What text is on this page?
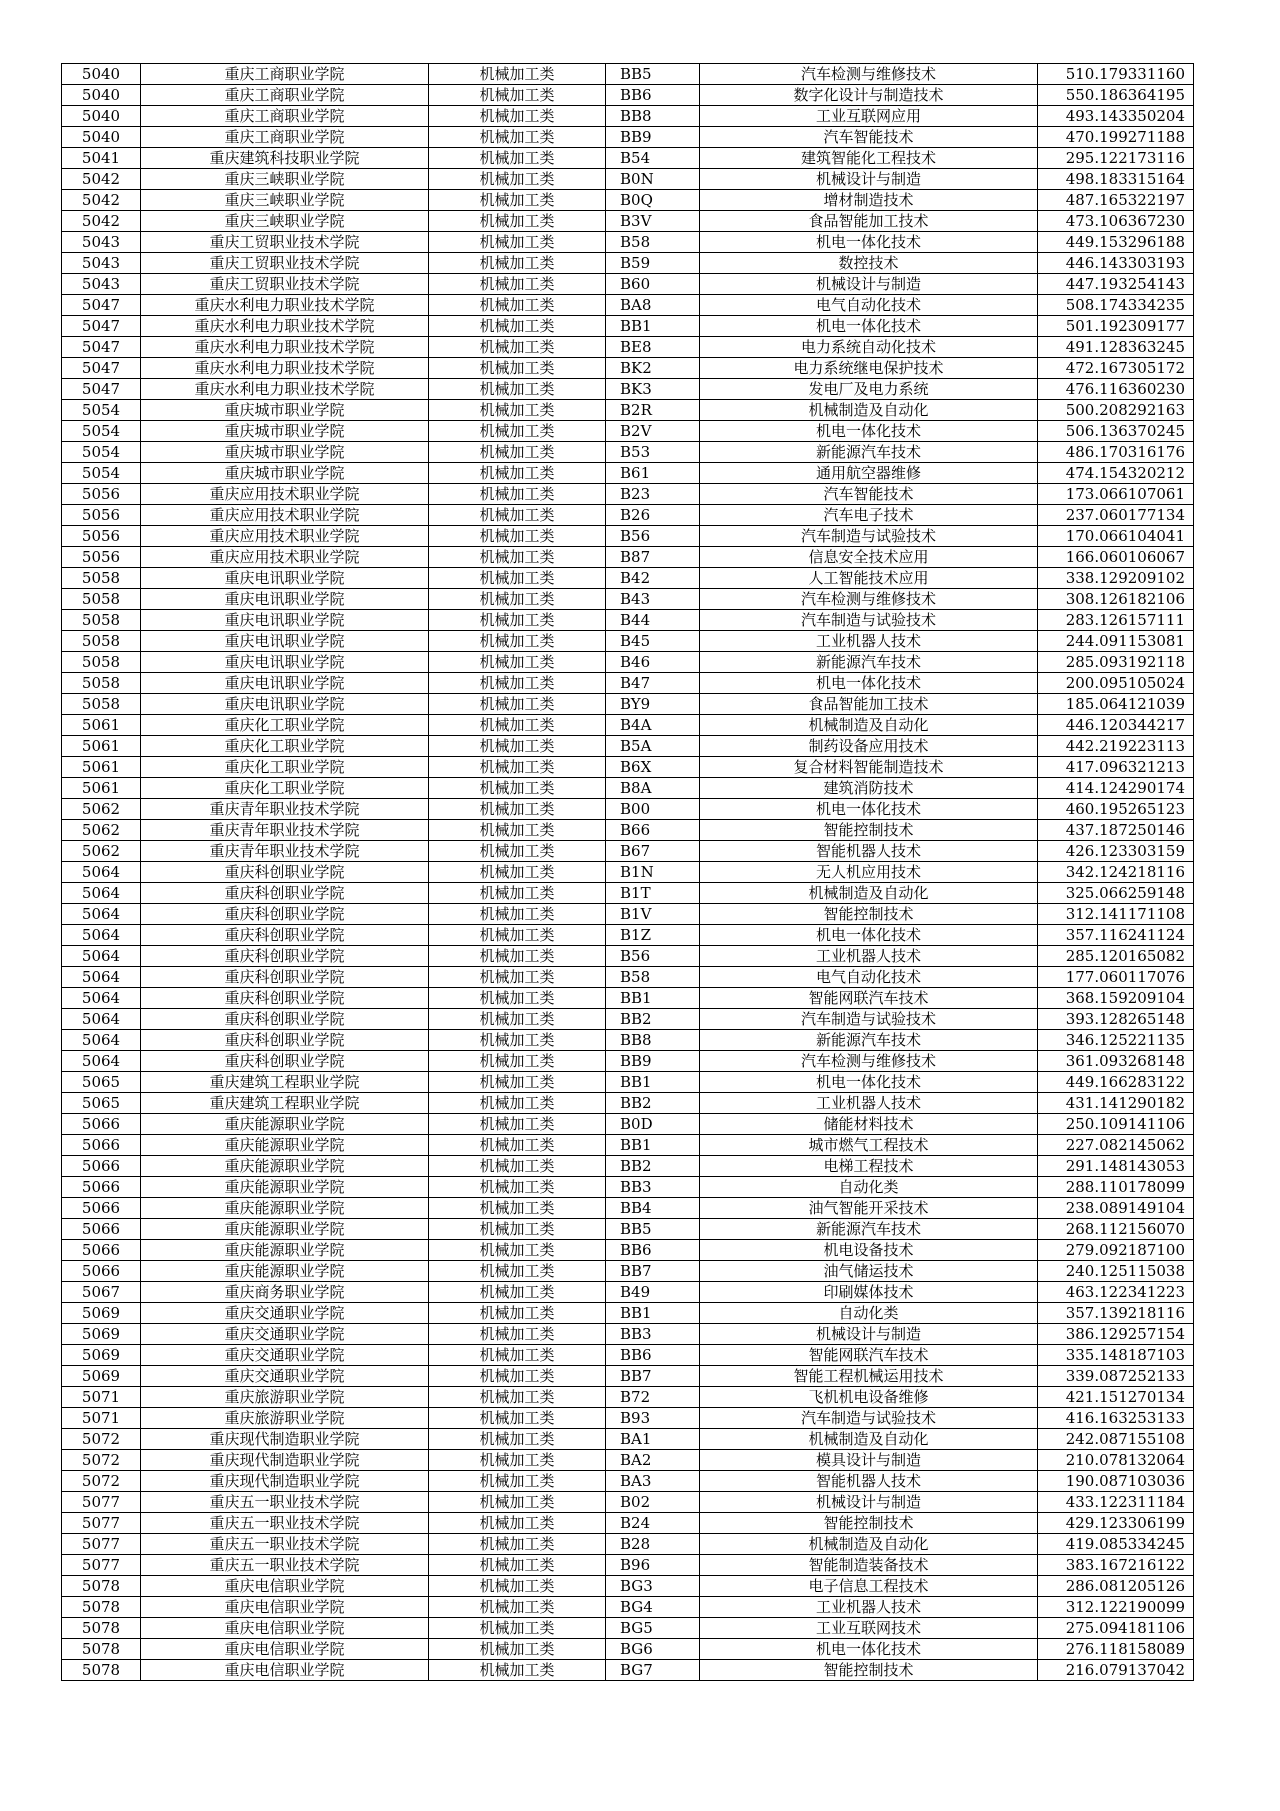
5040	重庆工商职业学院	机械加工类	BB5	汽车检测与维修技术	510.179331160
5040	重庆工商职业学院	机械加工类	BB6	数字化设计与制造技术	550.186364195
5040	重庆工商职业学院	机械加工类	BB8	工业互联网应用	493.143350204
5040	重庆工商职业学院	机械加工类	BB9	汽车智能技术	470.199271188
5041	重庆建筑科技职业学院	机械加工类	B54	建筑智能化工程技术	295.122173116
5042	重庆三峡职业学院	机械加工类	B0N	机械设计与制造	498.183315164
5042	重庆三峡职业学院	机械加工类	B0Q	增材制造技术	487.165322197
5042	重庆三峡职业学院	机械加工类	B3V	食品智能加工技术	473.106367230
5043	重庆工贸职业技术学院	机械加工类	B58	机电一体化技术	449.153296188
5043	重庆工贸职业技术学院	机械加工类	B59	数控技术	446.143303193
5043	重庆工贸职业技术学院	机械加工类	B60	机械设计与制造	447.193254143
5047	重庆水利电力职业技术学院	机械加工类	BA8	电气自动化技术	508.174334235
5047	重庆水利电力职业技术学院	机械加工类	BB1	机电一体化技术	501.192309177
5047	重庆水利电力职业技术学院	机械加工类	BE8	电力系统自动化技术	491.128363245
5047	重庆水利电力职业技术学院	机械加工类	BK2	电力系统继电保护技术	472.167305172
5047	重庆水利电力职业技术学院	机械加工类	BK3	发电厂及电力系统	476.116360230
5054	重庆城市职业学院	机械加工类	B2R	机械制造及自动化	500.208292163
5054	重庆城市职业学院	机械加工类	B2V	机电一体化技术	506.136370245
5054	重庆城市职业学院	机械加工类	B53	新能源汽车技术	486.170316176
5054	重庆城市职业学院	机械加工类	B61	通用航空器维修	474.154320212
5056	重庆应用技术职业学院	机械加工类	B23	汽车智能技术	173.066107061
5056	重庆应用技术职业学院	机械加工类	B26	汽车电子技术	237.060177134
5056	重庆应用技术职业学院	机械加工类	B56	汽车制造与试验技术	170.066104041
5056	重庆应用技术职业学院	机械加工类	B87	信息安全技术应用	166.060106067
5058	重庆电讯职业学院	机械加工类	B42	人工智能技术应用	338.129209102
5058	重庆电讯职业学院	机械加工类	B43	汽车检测与维修技术	308.126182106
5058	重庆电讯职业学院	机械加工类	B44	汽车制造与试验技术	283.126157111
5058	重庆电讯职业学院	机械加工类	B45	工业机器人技术	244.091153081
5058	重庆电讯职业学院	机械加工类	B46	新能源汽车技术	285.093192118
5058	重庆电讯职业学院	机械加工类	B47	机电一体化技术	200.095105024
5058	重庆电讯职业学院	机械加工类	BY9	食品智能加工技术	185.064121039
5061	重庆化工职业学院	机械加工类	B4A	机械制造及自动化	446.120344217
5061	重庆化工职业学院	机械加工类	B5A	制药设备应用技术	442.219223113
5061	重庆化工职业学院	机械加工类	B6X	复合材料智能制造技术	417.096321213
5061	重庆化工职业学院	机械加工类	B8A	建筑消防技术	414.124290174
5062	重庆青年职业技术学院	机械加工类	B00	机电一体化技术	460.195265123
5062	重庆青年职业技术学院	机械加工类	B66	智能控制技术	437.187250146
5062	重庆青年职业技术学院	机械加工类	B67	智能机器人技术	426.123303159
5064	重庆科创职业学院	机械加工类	B1N	无人机应用技术	342.124218116
5064	重庆科创职业学院	机械加工类	B1T	机械制造及自动化	325.066259148
5064	重庆科创职业学院	机械加工类	B1V	智能控制技术	312.141171108
5064	重庆科创职业学院	机械加工类	B1Z	机电一体化技术	357.116241124
5064	重庆科创职业学院	机械加工类	B56	工业机器人技术	285.120165082
5064	重庆科创职业学院	机械加工类	B58	电气自动化技术	177.060117076
5064	重庆科创职业学院	机械加工类	BB1	智能网联汽车技术	368.159209104
5064	重庆科创职业学院	机械加工类	BB2	汽车制造与试验技术	393.128265148
5064	重庆科创职业学院	机械加工类	BB8	新能源汽车技术	346.125221135
5064	重庆科创职业学院	机械加工类	BB9	汽车检测与维修技术	361.093268148
5065	重庆建筑工程职业学院	机械加工类	BB1	机电一体化技术	449.166283122
5065	重庆建筑工程职业学院	机械加工类	BB2	工业机器人技术	431.141290182
5066	重庆能源职业学院	机械加工类	B0D	储能材料技术	250.109141106
5066	重庆能源职业学院	机械加工类	BB1	城市燃气工程技术	227.082145062
5066	重庆能源职业学院	机械加工类	BB2	电梯工程技术	291.148143053
5066	重庆能源职业学院	机械加工类	BB3	自动化类	288.110178099
5066	重庆能源职业学院	机械加工类	BB4	油气智能开采技术	238.089149104
5066	重庆能源职业学院	机械加工类	BB5	新能源汽车技术	268.112156070
5066	重庆能源职业学院	机械加工类	BB6	机电设备技术	279.092187100
5066	重庆能源职业学院	机械加工类	BB7	油气储运技术	240.125115038
5067	重庆商务职业学院	机械加工类	B49	印刷媒体技术	463.122341223
5069	重庆交通职业学院	机械加工类	BB1	自动化类	357.139218116
5069	重庆交通职业学院	机械加工类	BB3	机械设计与制造	386.129257154
5069	重庆交通职业学院	机械加工类	BB6	智能网联汽车技术	335.148187103
5069	重庆交通职业学院	机械加工类	BB7	智能工程机械运用技术	339.087252133
5071	重庆旅游职业学院	机械加工类	B72	飞机机电设备维修	421.151270134
5071	重庆旅游职业学院	机械加工类	B93	汽车制造与试验技术	416.163253133
5072	重庆现代制造职业学院	机械加工类	BA1	机械制造及自动化	242.087155108
5072	重庆现代制造职业学院	机械加工类	BA2	模具设计与制造	210.078132064
5072	重庆现代制造职业学院	机械加工类	BA3	智能机器人技术	190.087103036
5077	重庆五一职业技术学院	机械加工类	B02	机械设计与制造	433.122311184
5077	重庆五一职业技术学院	机械加工类	B24	智能控制技术	429.123306199
5077	重庆五一职业技术学院	机械加工类	B28	机械制造及自动化	419.085334245
5077	重庆五一职业技术学院	机械加工类	B96	智能制造装备技术	383.167216122
5078	重庆电信职业学院	机械加工类	BG3	电子信息工程技术	286.081205126
5078	重庆电信职业学院	机械加工类	BG4	工业机器人技术	312.122190099
5078	重庆电信职业学院	机械加工类	BG5	工业互联网技术	275.094181106
5078	重庆电信职业学院	机械加工类	BG6	机电一体化技术	276.118158089
5078	重庆电信职业学院	机械加工类	BG7	智能控制技术	216.079137042
